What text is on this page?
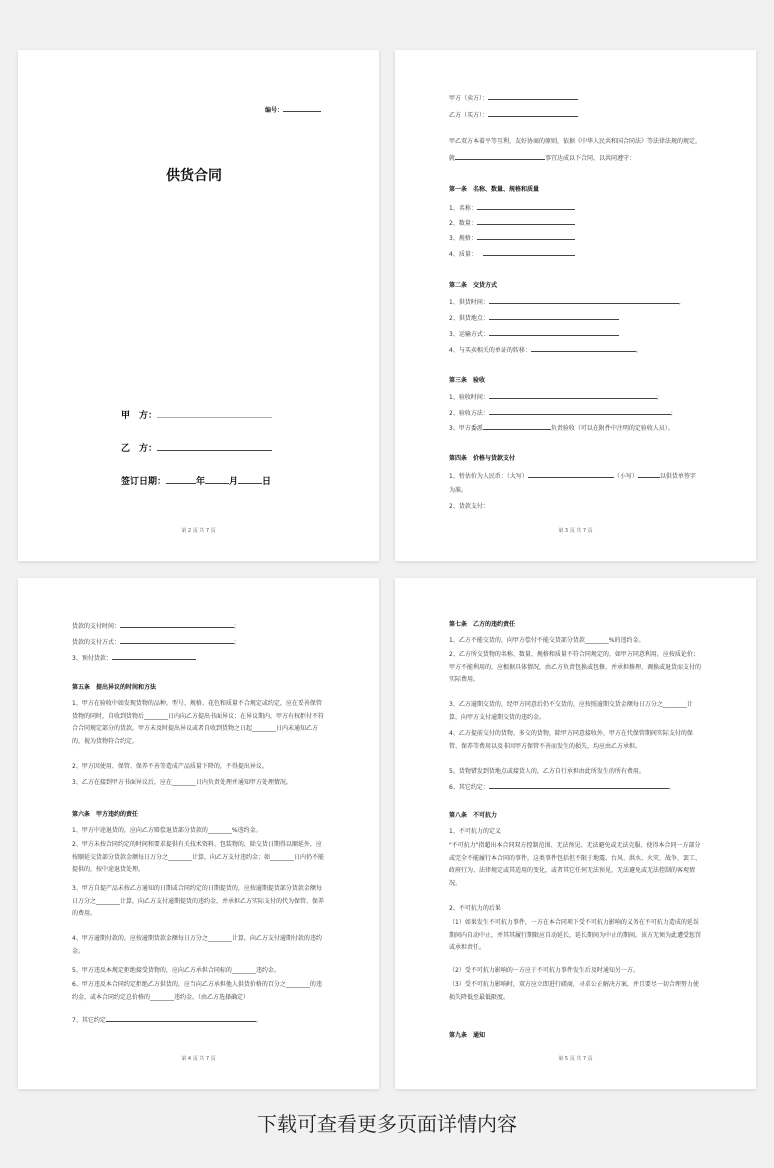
编号：
供货合同
甲　方：
乙　方：
签订日期：	年	月	日
第 2 页 共 7 页
甲方（卖方）：
乙方（买方）：
甲乙双方本着平等互利、友好协商的原则，依据《中华人民共和国合同法》等法律法规的规定，
就	事宜达成以下合同，以共同遵守：
第一条　名称、数量、规格和质量
1、名称：
2、数量：
3、规格：
4、质量：
第二条　交货方式
1、供货时间：	,
2、供货地点：
3、运输方式：
4、与买卖相关的单证的转移：	。
第三条　验收
1、验收时间：	;
2、验收方法：	;
3、甲方委派	负责验收（可以在附件中注明的定验收人员）。
第四条　价格与货款支付
1、暂估价为人民币：（大写）	（小写）	以供货单签字
为准。
2、货款支付：
第 3 页 共 7 页
货款的支付时间：	;
货款的支付方式：	;
3、预付货款：
第五条　提出异议的时间和方法
1、甲方在验收中如发现货物的品种、型号、规格、花色和质量不合规定或约定，应在妥善保管货物的同时，自收到货物后________日内向乙方提出书面异议；在异议期内，甲方有权拒付不符合合同规定部分的货款。甲方未及时提出异议或者自收到货物之日起________日内未通知乙方的，视为货物符合约定。
2、甲方因使用、保管、保养不善等造成产品质量下降的，不得提出异议。
3、乙方在接到甲方书面异议后，应在________日内负责处理并通知甲方处理情况。
第六条　甲方违约的责任
1、甲方中途退货的，应向乙方赔偿退货部分货款的________%违约金。
2、甲方未按合同约定的时间和要求提供有关技术资料、包装物的，除交货日期得以顺延外，应按顺延交货部分货款金额每日万分之________计算，向乙方支付违约金；如________日内仍不能提供的，按中途退货处理。
3、甲方自提产品未按乙方通知的日期或合同约定的日期提货的，应按逾期提货部分货款金额每日万分之________计算，向乙方支付逾期提货的违约金，并承担乙方实际支付的代为保管、保养的费用。
4、甲方逾期付款的，应按逾期货款金额每日万分之________计算，向乙方支付逾期付款的违约金。
5、甲方违反本规定拒绝接受货物的，应向乙方承担合同标的________违约金。
6、甲方违反本合同约定拒绝乙方供货的，应当向乙方承担他人供货价格的百分之________的违约金，或本合同约定总价格的________违约金。（由乙方选择确定）
7、其它约定	。
第 4 页 共 7 页
第七条　乙方的违约责任
1、乙方不能交货的，向甲方偿付不能交货部分货款________%的违约金。
2、乙方所交货物的名称、数量、规格和质量不符合同规定的，如甲方同意利用，应按质论价；甲方不能利用的，应根据具体情况，由乙方负责包换或包修，并承担修理、调换或退货而支付的实际费用。
3、乙方逾期交货的，经甲方同意后仍不交货的，应按照逾期交货金额每日万分之________计算，向甲方支付逾期交货的违约金。
4、乙方提前交付的货物、多交的货物，除甲方同意接收外，甲方在代保管期间实际支付的保管、保养等费用以及非因甲方保管不善而发生的损失，均应由乙方承担。
5、货物错发到货地点或接货人的，乙方自行承担由此所发生的所有费用。
6、其它约定：	。
第八条　不可抗力
1、不可抗力的定义
"不可抗力"指超出本合同双方控制范围、无法预见、无法避免或无法克服、使得本合同一方部分或完全不能履行本合同的事件。这类事件包括但不限于地震、台风、洪水、火灾、战争、罢工、政府行为、法律规定或其适用的变化，或者其它任何无法预见、无法避免或无法控制的客观情况。
2、不可抗力的后果
（1）如果发生不可抗力事件，一方在本合同项下受不可抗力影响的义务在不可抗力造成的延误期间内自动中止，并其其履行期限应自动延长，延长期间为中止的期间，该方无须为此遭受惩罚或承担责任。
（2）受不可抗力影响的一方应于不可抗力事件发生后及时通知另一方。
（3）受不可抗力影响时，双方应立即进行磋商，寻求公正解决方案，并且要尽一切合理努力使损失降低至最低限度。
第九条　通知
第 5 页 共 7 页
下载可查看更多页面详情内容
